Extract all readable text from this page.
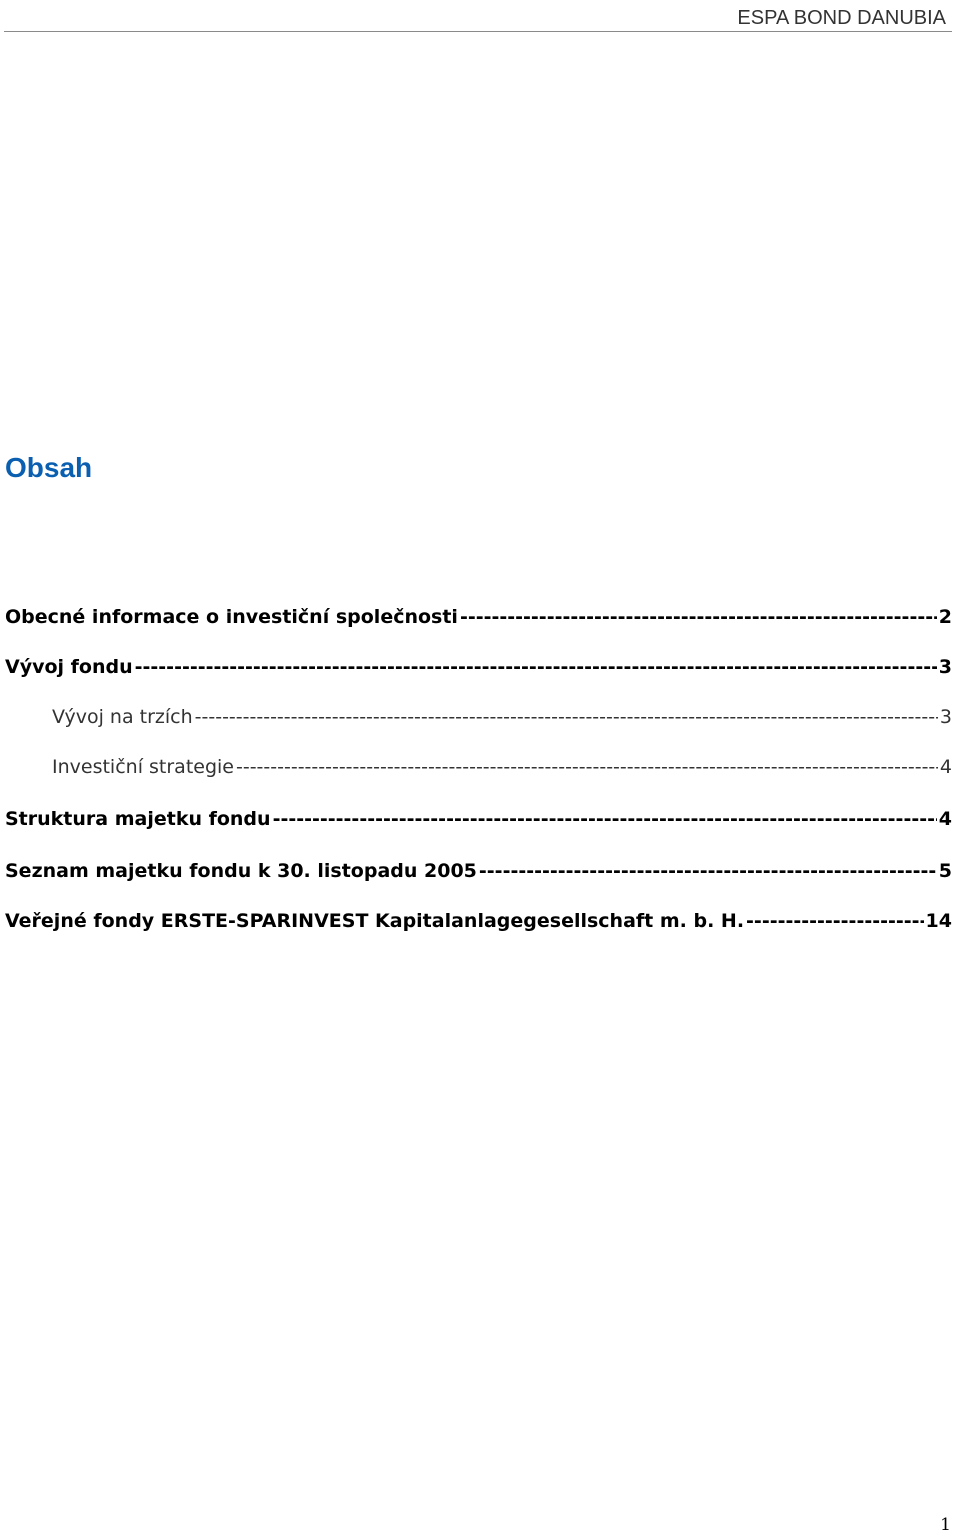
ESPA BOND DANUBIA
Obsah
Obecné informace o investiční společnosti -----	2
Vývoj fondu -----	3
Vývoj na trzích -----	3
Investiční strategie -----	4
Struktura majetku fondu -----	4
Seznam majetku fondu k 30. listopadu 2005 -----	5
Veřejné fondy ERSTE-SPARINVEST Kapitalanlagegesellschaft m. b. H. -----	14
1
